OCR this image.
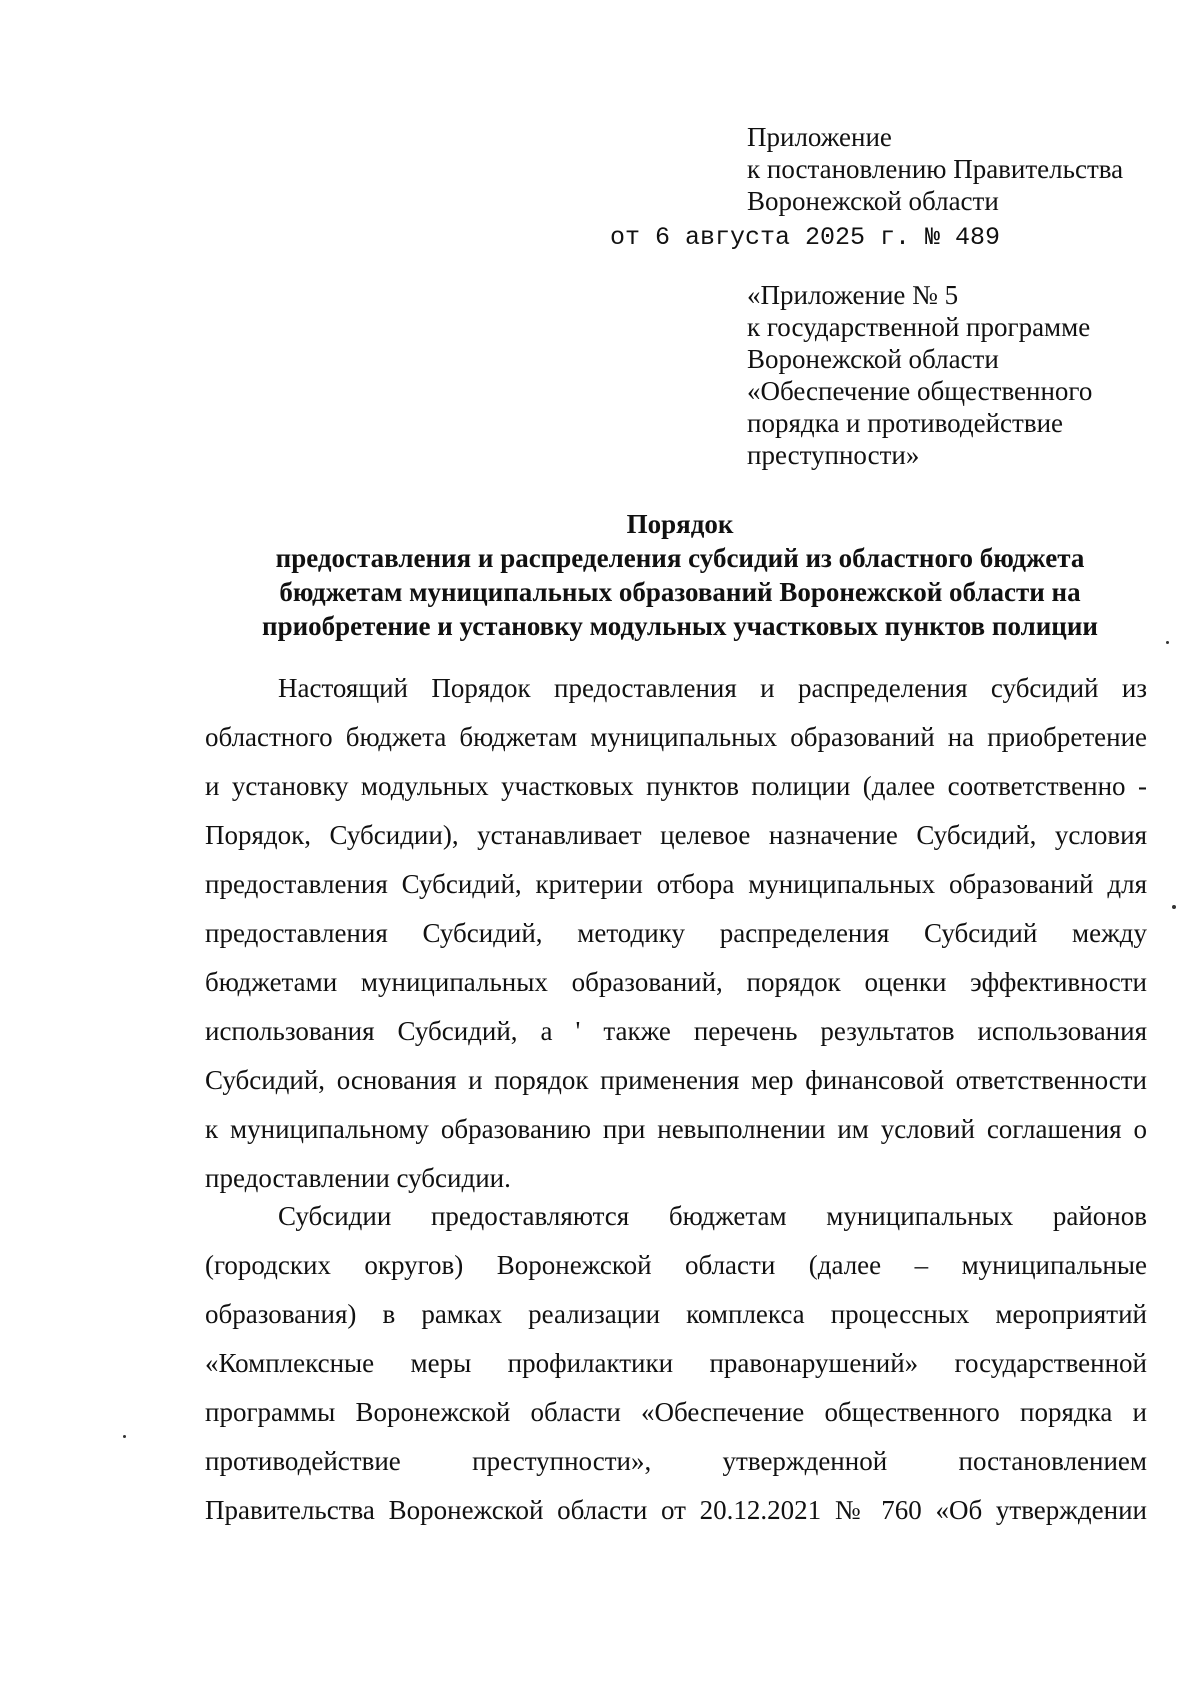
Приложение
к постановлению Правительства
Воронежской области
от 6 августа 2025 г. № 489
«Приложение № 5
к государственной программе
Воронежской области
«Обеспечение общественного
порядка и противодействие
преступности»
Порядок
предоставления и распределения субсидий из областного бюджета
бюджетам муниципальных образований Воронежской области на
приобретение и установку модульных участковых пунктов полиции
Настоящий Порядок предоставления и распределения субсидий из
областного бюджета бюджетам муниципальных образований на приобретение
и установку модульных участковых пунктов полиции (далее соответственно -
Порядок, Субсидии), устанавливает целевое назначение Субсидий, условия
предоставления Субсидий, критерии отбора муниципальных образований для
предоставления Субсидий, методику распределения Субсидий между
бюджетами муниципальных образований, порядок оценки эффективности
использования Субсидий, а ' также перечень результатов использования
Субсидий, основания и порядок применения мер финансовой ответственности
к муниципальному образованию при невыполнении им условий соглашения о
предоставлении субсидии.
Субсидии предоставляются бюджетам муниципальных районов
(городских округов) Воронежской области (далее – муниципальные
образования) в рамках реализации комплекса процессных мероприятий
«Комплексные меры профилактики правонарушений» государственной
программы Воронежской области «Обеспечение общественного порядка и
противодействие преступности», утвержденной постановлением
Правительства Воронежской области от 20.12.2021 № 760 «Об утверждении
